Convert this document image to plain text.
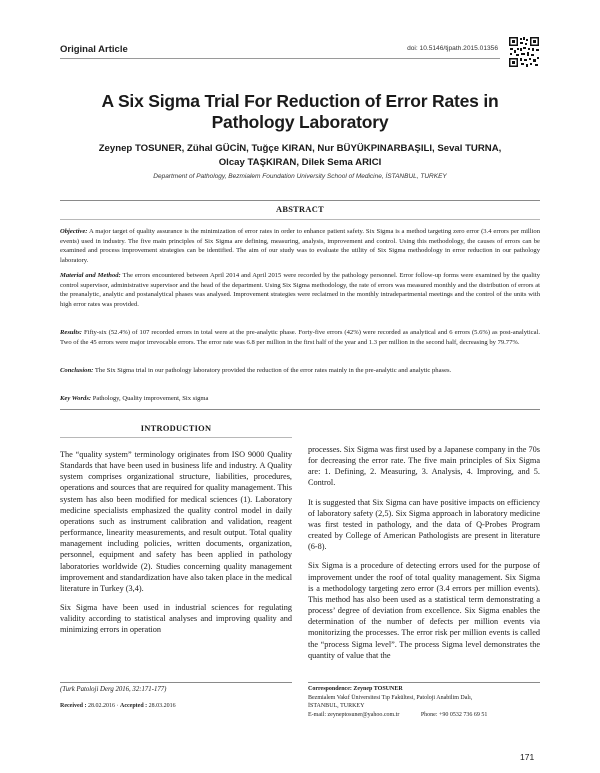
Original Article	doi: 10.5146/tjpath.2015.01356
A Six Sigma Trial For Reduction of Error Rates in Pathology Laboratory
Zeynep TOSUNER, Zühal GÜCİN, Tuğçe KIRAN, Nur BÜYÜKPINARBAŞILI, Seval TURNA, Olcay TAŞKIRAN, Dilek Sema ARICI
Department of Pathology, Bezmialem Foundation University School of Medicine, İSTANBUL, TURKEY
ABSTRACT

Objective: A major target of quality assurance is the minimization of error rates in order to enhance patient safety. Six Sigma is a method targeting zero error (3.4 errors per million events) used in industry. The five main principles of Six Sigma are defining, measuring, analysis, improvement and control. Using this methodology, the causes of errors can be examined and process improvement strategies can be identified. The aim of our study was to evaluate the utility of Six Sigma methodology in error reduction in our pathology laboratory.

Material and Method: The errors encountered between April 2014 and April 2015 were recorded by the pathology personnel. Error follow-up forms were examined by the quality control supervisor, administrative supervisor and the head of the department. Using Six Sigma methodology, the rate of errors was measured monthly and the distribution of errors at the preanalytic, analytic and postanalytical phases was analysed. Improvement strategies were reclaimed in the monthly intradepartmental meetings and the control of the units with high error rates was provided.

Results: Fifty-six (52.4%) of 107 recorded errors in total were at the pre-analytic phase. Forty-five errors (42%) were recorded as analytical and 6 errors (5.6%) as post-analytical. Two of the 45 errors were major irrevocable errors. The error rate was 6.8 per million in the first half of the year and 1.3 per million in the second half, decreasing by 79.77%.

Conclusion: The Six Sigma trial in our pathology laboratory provided the reduction of the error rates mainly in the pre-analytic and analytic phases.

Key Words: Pathology, Quality improvement, Six sigma

INTRODUCTION

The “quality system” terminology originates from ISO 9000 Quality Standards that have been used in business life and industry. A Quality system comprises organizational structure, liabilities, procedures, operations and sources that are required for quality management. This system has also been modified for medical sciences (1). Laboratory medicine specialists emphasized the quality control model in daily operations such as instrument calibration and validation, reagent performance, linearity measurements, and result output. Total quality management including policies, written documents, organization, personnel, equipment and safety has been applied in pathology laboratories worldwide (2). Studies concerning quality management improvement and standardization have also taken place in the medical literature in Turkey (3,4).

Six Sigma have been used in industrial sciences for regulating validity according to statistical analyses and improving quality and minimizing errors in operation

processes. Six Sigma was first used by a Japanese company in the 70s for decreasing the error rate. The five main principles of Six Sigma are: 1. Defining, 2. Measuring, 3. Analysis, 4. Improving, and 5. Control.

It is suggested that Six Sigma can have positive impacts on efficiency of laboratory safety (2,5). Six Sigma approach in laboratory medicine was first tested in pathology, and the data of Q-Probes Program created by College of American Pathologists are present in literature (6-8).

Six Sigma is a procedure of detecting errors used for the purpose of improvement under the roof of total quality management. Six Sigma is a methodology targeting zero error (3.4 errors per million events). This method has also been used as a statistical term demonstrating a process’ degree of deviation from excellence. Six Sigma enables the determination of the number of defects per million events via monitorizing the processes. The error risk per million events is called the “process Sigma level”. The process Sigma level demonstrates the quantity of value that the

(Turk Patoloji Derg 2016, 32:171-177)
Received : 28.02.2016 · Accepted : 28.03.2016
Correspondence: Zeynep TOSUNER
Bezmialem Vakıf Üniversitesi Tıp Fakültesi, Patoloji Anabilim Dalı,
İSTANBUL, TURKEY
E-mail: zeyneptosuner@yahoo.com.tr	Phone: +90 0532 736 69 51
171
